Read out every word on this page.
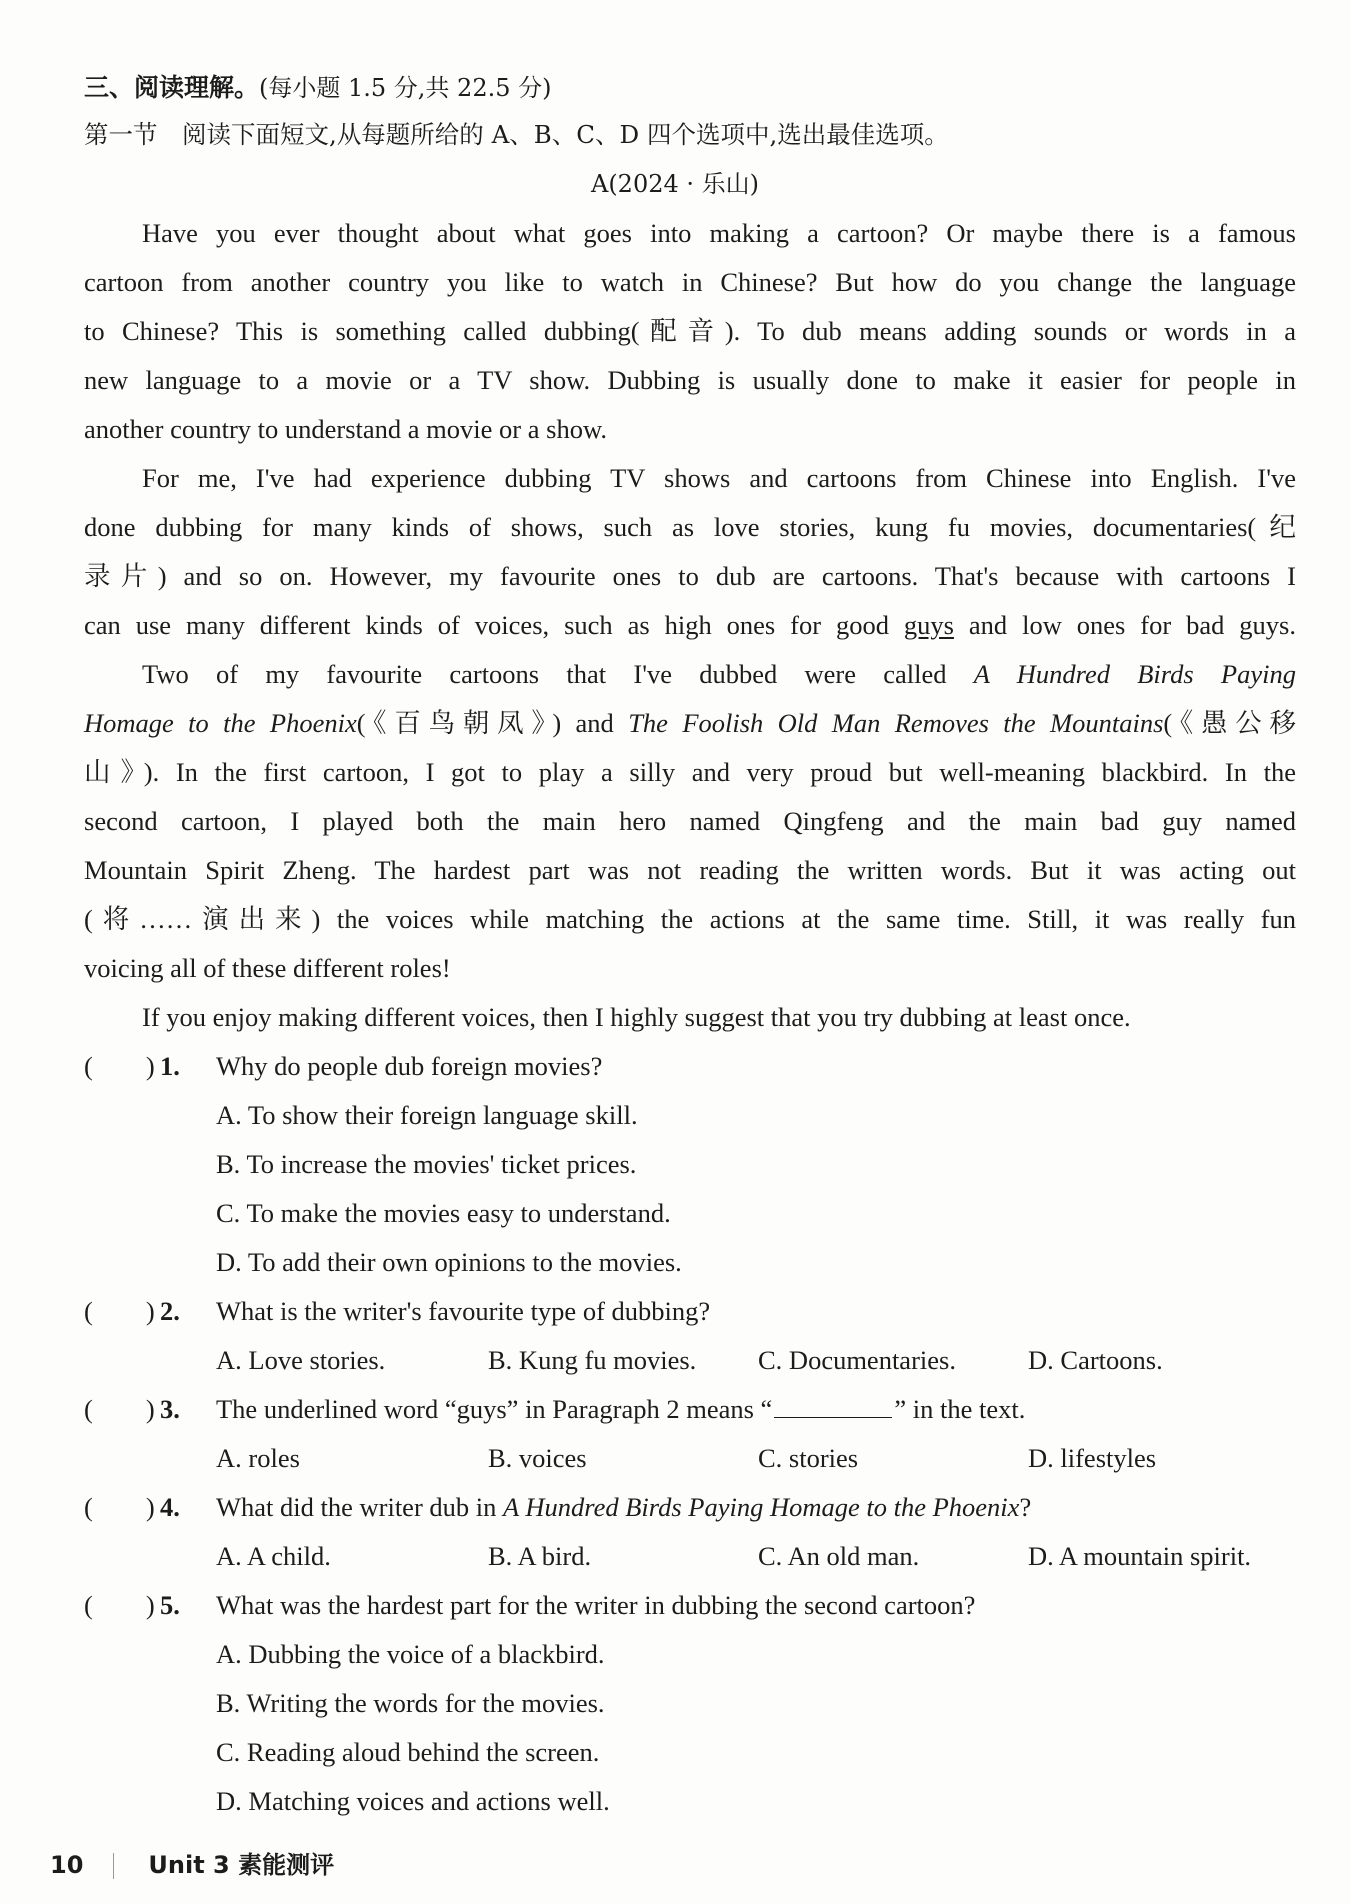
三、阅读理解。(每小题 1.5 分,共 22.5 分)
第一节　阅读下面短文,从每题所给的 A、B、C、D 四个选项中,选出最佳选项。
A(2024 · 乐山)
Have you ever thought about what goes into making a cartoon? Or maybe there is a famous
cartoon from another country you like to watch in Chinese? But how do you change the language
to Chinese? This is something called dubbing(配音). To dub means adding sounds or words in a
new language to a movie or a TV show. Dubbing is usually done to make it easier for people in
another country to understand a movie or a show.
For me, I've had experience dubbing TV shows and cartoons from Chinese into English. I've
done dubbing for many kinds of shows, such as love stories, kung fu movies, documentaries(纪
录片) and so on. However, my favourite ones to dub are cartoons. That's because with cartoons I
can use many different kinds of voices, such as high ones for good guys and low ones for bad guys.
Two of my favourite cartoons that I've dubbed were called A Hundred Birds Paying
Homage to the Phoenix(《百鸟朝凤》) and The Foolish Old Man Removes the Mountains(《愚公移
山》). In the first cartoon, I got to play a silly and very proud but well-meaning blackbird. In the
second cartoon, I played both the main hero named Qingfeng and the main bad guy named
Mountain Spirit Zheng. The hardest part was not reading the written words. But it was acting out
(将……演出来) the voices while matching the actions at the same time. Still, it was really fun
voicing all of these different roles!
If you enjoy making different voices, then I highly suggest that you try dubbing at least once.
(　　) 1. Why do people dub foreign movies?
A. To show their foreign language skill.
B. To increase the movies' ticket prices.
C. To make the movies easy to understand.
D. To add their own opinions to the movies.
(　　) 2. What is the writer's favourite type of dubbing?
A. Love stories.	B. Kung fu movies. C. Documentaries.	D. Cartoons.
(　　) 3. The underlined word “guys” in Paragraph 2 means “	” in the text.
A. roles	B. voices	C. stories	D. lifestyles
(　　) 4. What did the writer dub in A Hundred Birds Paying Homage to the Phoenix?
A. A child.	B. A bird.	C. An old man.	D. A mountain spirit.
(　　) 5. What was the hardest part for the writer in dubbing the second cartoon?
A. Dubbing the voice of a blackbird.
B. Writing the words for the movies.
C. Reading aloud behind the screen.
D. Matching voices and actions well.
10	Unit 3 素能测评
